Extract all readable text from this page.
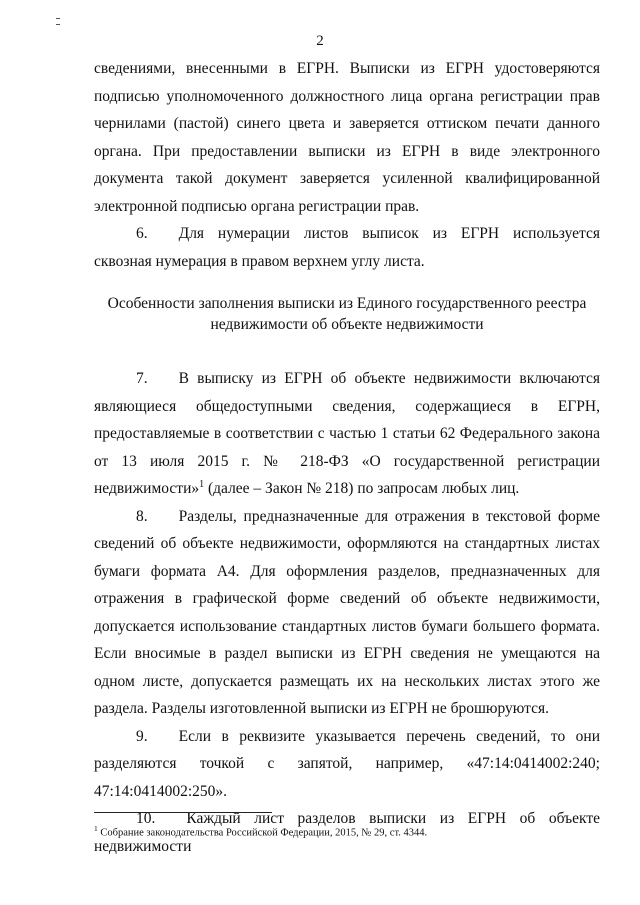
2

сведениями, внесенными в ЕГРН. Выписки из ЕГРН удостоверяются подписью уполномоченного должностного лица органа регистрации прав чернилами (пастой) синего цвета и заверяется оттиском печати данного органа. При предоставлении выписки из ЕГРН в виде электронного документа такой документ заверяется усиленной квалифицированной электронной подписью органа регистрации прав.

6.  Для нумерации листов выписок из ЕГРН используется сквозная нумерация в правом верхнем углу листа.

Особенности заполнения выписки из Единого государственного реестра
недвижимости об объекте недвижимости

7.  В выписку из ЕГРН об объекте недвижимости включаются являющиеся общедоступными сведения, содержащиеся в ЕГРН, предоставляемые в соответствии с частью 1 статьи 62 Федерального закона от 13 июля 2015 г. № 218-ФЗ «О государственной регистрации недвижимости»$^1$ (далее – Закон № 218) по запросам любых лиц.

8.  Разделы, предназначенные для отражения в текстовой форме сведений об объекте недвижимости, оформляются на стандартных листах бумаги формата А4. Для оформления разделов, предназначенных для отражения в графической форме сведений об объекте недвижимости, допускается использование стандартных листов бумаги большего формата. Если вносимые в раздел выписки из ЕГРН сведения не умещаются на одном листе, допускается размещать их на нескольких листах этого же раздела. Разделы изготовленной выписки из ЕГРН не брошюруются.

9.  Если в реквизите указывается перечень сведений, то они разделяются точкой с запятой, например, «47:14:0414002:240; 47:14:0414002:250».

10.  Каждый лист разделов выписки из ЕГРН об объекте недвижимости

$^1$ Собрание законодательства Российской Федерации, 2015, № 29, ст. 4344.
